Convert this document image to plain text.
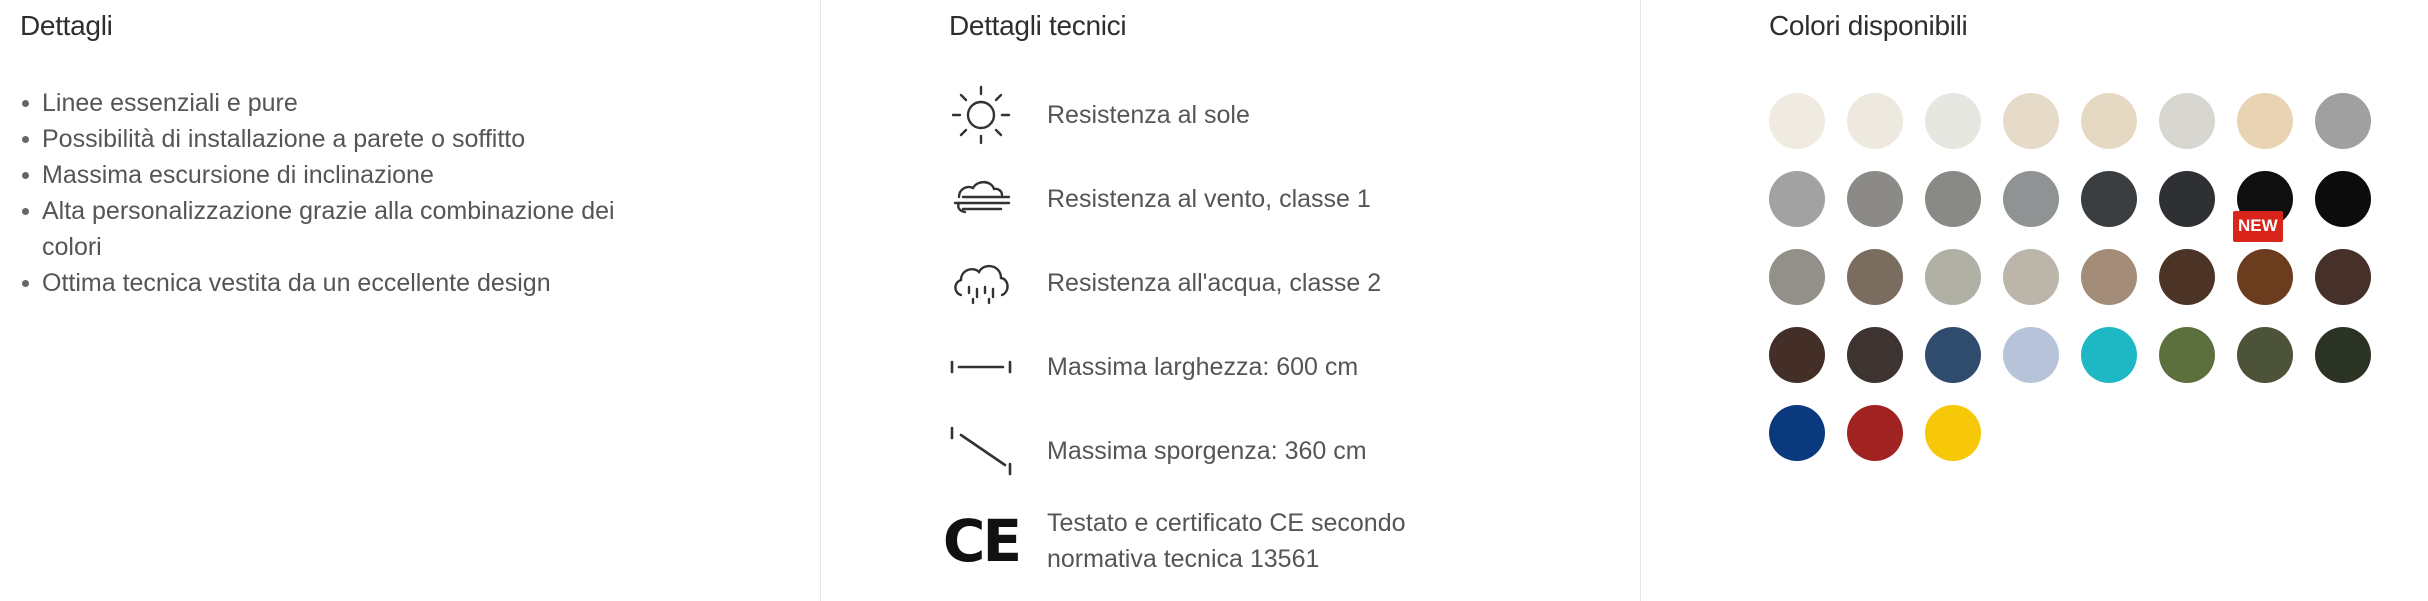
Dettagli
Linee essenziali e pure
Possibilità di installazione a parete o soffitto
Massima escursione di inclinazione
Alta personalizzazione grazie alla combinazione dei colori
Ottima tecnica vestita da un eccellente design
Dettagli tecnici
Resistenza al sole
Resistenza al vento, classe 1
Resistenza all'acqua, classe 2
Massima larghezza: 600 cm
Massima sporgenza: 360 cm
CE Testato e certificato CE secondo normativa tecnica 13561
Colori disponibili
NEW
